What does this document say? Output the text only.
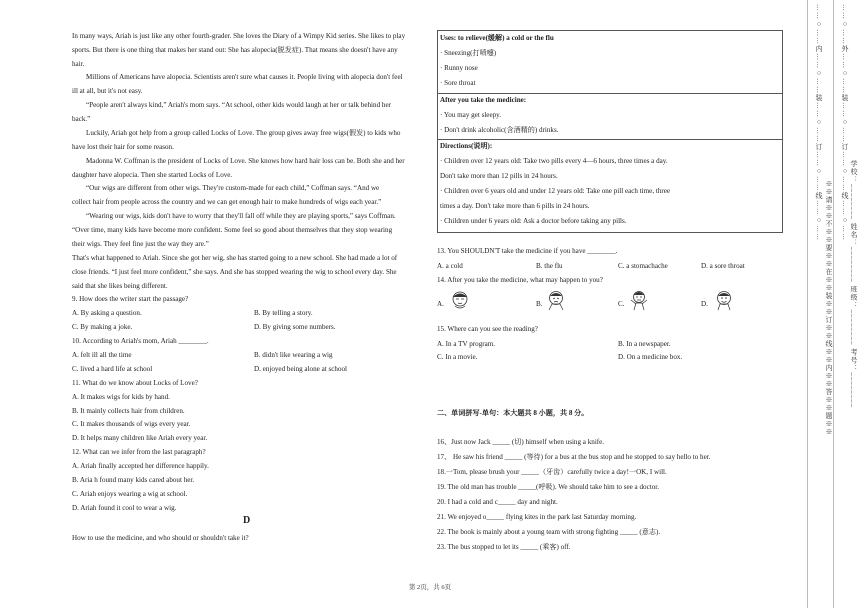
In many ways, Ariah is just like any other fourth-grader. She loves the Diary of a Wimpy Kid series. She likes to play
sports. But there is one thing that makes her stand out: She has alopecia(脱发症). That means she doesn't have any
hair.
Millions of Americans have alopecia. Scientists aren't sure what causes it. People living with alopecia don't feel
ill at all, but it's not easy.
“People aren't always kind,” Ariah's mom says. “At school, other kids would laugh at her or talk behind her
back.”
Luckily, Ariah got help from a group called Locks of Love. The group gives away free wigs(假发) to kids who
have lost their hair for some reason.
Madonna W. Coffman is the president of Locks of Love. She knows how hard hair loss can be. Both she and her
daughter have alopecia. Then she started Locks of Love.
“Our wigs are different from other wigs. They're custom-made for each child,” Coffman says. “And we
collect hair from people across the country and we can get enough hair to make hundreds of wigs each year.”
“Wearing our wigs, kids don't have to worry that they'll fall off while they are playing sports,” says Coffman.
“Over time, many kids have become more confident. Some feel so good about themselves that they stop wearing
their wigs. They feel fine just the way they are.”
That's what happened to Ariah. Since she got her wig, she has started going to a new school. She had made a lot of
close friends. “I just feel more confident,” she says. And she has stopped wearing the wig to school every day. She
said that she likes being different.
9. How does the writer start the passage?
A. By asking a question.	B. By telling a story.
C. By making a joke.	D. By giving some numbers.
10. According to Ariah's mom, Ariah ________.
A. felt ill all the time	B. didn't like wearing a wig
C. lived a hard life at school	D. enjoyed being alone at school
11. What do we know about Locks of Love?
A. It makes wigs for kids by hand.
B. It mainly collects hair from children.
C. It makes thousands of wigs every year.
D. It helps many children like Ariah every year.
12. What can we infer from the last paragraph?
A. Ariah finally accepted her difference happily.
B. Aria h found many kids cared about her.
C. Ariah enjoys wearing a wig at school.
D. Ariah found it cool to wear a wig.
How to use the medicine, and who should or shouldn't take it?
D
Uses: to relieve(缓解) a cold or the flu
· Sneezing(打喷嚏)
· Runny nose
· Sore throat
After you take the medicine:
· You may get sleepy.
· Don't drink alcoholic(含酒精的) drinks.
Directions(说明):
· Children over 12 years old: Take two pills every 4—6 hours, three times a day.
Don't take more than 12 pills in 24 hours.
· Children over 6 years old and under 12 years old: Take one pill each time, three
times a day. Don't take more than 6 pills in 24 hours.
· Children under 6 years old: Ask a doctor before taking any pills.
13. You SHOULDN'T take the medicine if you have ________.
A. a cold	B. the flu	C. a stomachache	D. a sore throat
14. After you take the medicine, what may happen to you?
A.	B.	C.	D.
15. Where can you see the reading?
A. In a TV program.	B. In a newspaper.
C. In a movie.	D. On a medicine box.
二、单词拼写-单句：本大题共 8 小题，共 8 分。
16、Just now Jack _____ (切) himself when using a knife.
17、 He saw his friend _____ (等待) for a bus at the bus stop and he stopped to say hello to her.
18.一Tom, please brush your _____（牙齿）carefully twice a day!一OK, I will.
19. The old man has trouble _____(呼吸). We should take him to see a doctor.
20. I had a cold and c_____ day and night.
21. We enjoyed o_____ flying kites in the park last Saturday morning.
22. The book is mainly about a young team with strong fighting _____ (意志).
23. The bus stopped to let its _____ (乘客) off.
……○……内……○……装……○……订……○……线……○……
※※请※※不※※要※※在※※装※※订※※线※※内※※答※※题※※
……○……外……○……装……○……订……○……线……○……
学校：________ 姓名：________ 班级：________ 考号：________
第 2页，共 6页
